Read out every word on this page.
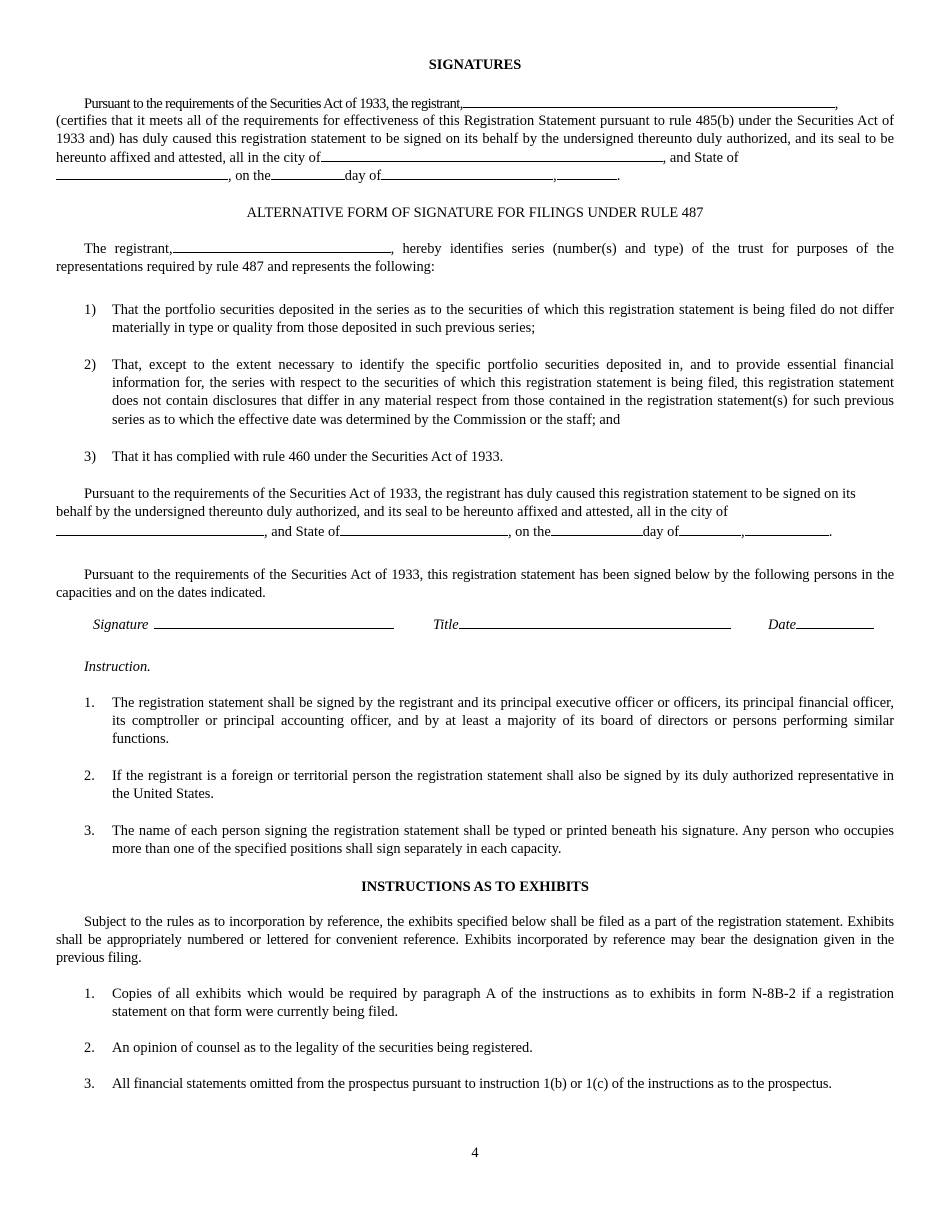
SIGNATURES
Pursuant to the requirements of the Securities Act of 1933, the registrant,	,
(certifies that it meets all of the requirements for effectiveness of this Registration Statement pursuant to rule 485(b) under the Securities Act of 1933 and) has duly caused this registration statement to be signed on its behalf by the undersigned thereunto duly authorized, and its seal to be hereunto affixed and attested, all in the city of	, and State of
, on the	day of	,	.
ALTERNATIVE FORM OF SIGNATURE FOR FILINGS UNDER RULE 487
The registrant,	, hereby identifies series (number(s) and type) of the trust for purposes of the representations required by rule 487 and represents the following:
1) That the portfolio securities deposited in the series as to the securities of which this registration statement is being filed do not differ materially in type or quality from those deposited in such previous series;
2) That, except to the extent necessary to identify the specific portfolio securities deposited in, and to provide essential financial information for, the series with respect to the securities of which this registration statement is being filed, this registration statement does not contain disclosures that differ in any material respect from those contained in the registration statement(s) for such previous series as to which the effective date was determined by the Commission or the staff; and
3) That it has complied with rule 460 under the Securities Act of 1933.
Pursuant to the requirements of the Securities Act of 1933, the registrant has duly caused this registration statement to be signed on its behalf by the undersigned thereunto duly authorized, and its seal to be hereunto affixed and attested, all in the city of
, and State of	, on the	day of	,	.
Pursuant to the requirements of the Securities Act of 1933, this registration statement has been signed below by the following persons in the capacities and on the dates indicated.
Signature	Title	Date
Instruction.
1. The registration statement shall be signed by the registrant and its principal executive officer or officers, its principal financial officer, its comptroller or principal accounting officer, and by at least a majority of its board of directors or persons performing similar functions.
2. If the registrant is a foreign or territorial person the registration statement shall also be signed by its duly authorized representative in the United States.
3. The name of each person signing the registration statement shall be typed or printed beneath his signature. Any person who occupies more than one of the specified positions shall sign separately in each capacity.
INSTRUCTIONS AS TO EXHIBITS
Subject to the rules as to incorporation by reference, the exhibits specified below shall be filed as a part of the registration statement. Exhibits shall be appropriately numbered or lettered for convenient reference. Exhibits incorporated by reference may bear the designation given in the previous filing.
1. Copies of all exhibits which would be required by paragraph A of the instructions as to exhibits in form N-8B-2 if a registration statement on that form were currently being filed.
2. An opinion of counsel as to the legality of the securities being registered.
3. All financial statements omitted from the prospectus pursuant to instruction 1(b) or 1(c) of the instructions as to the prospectus.
4
